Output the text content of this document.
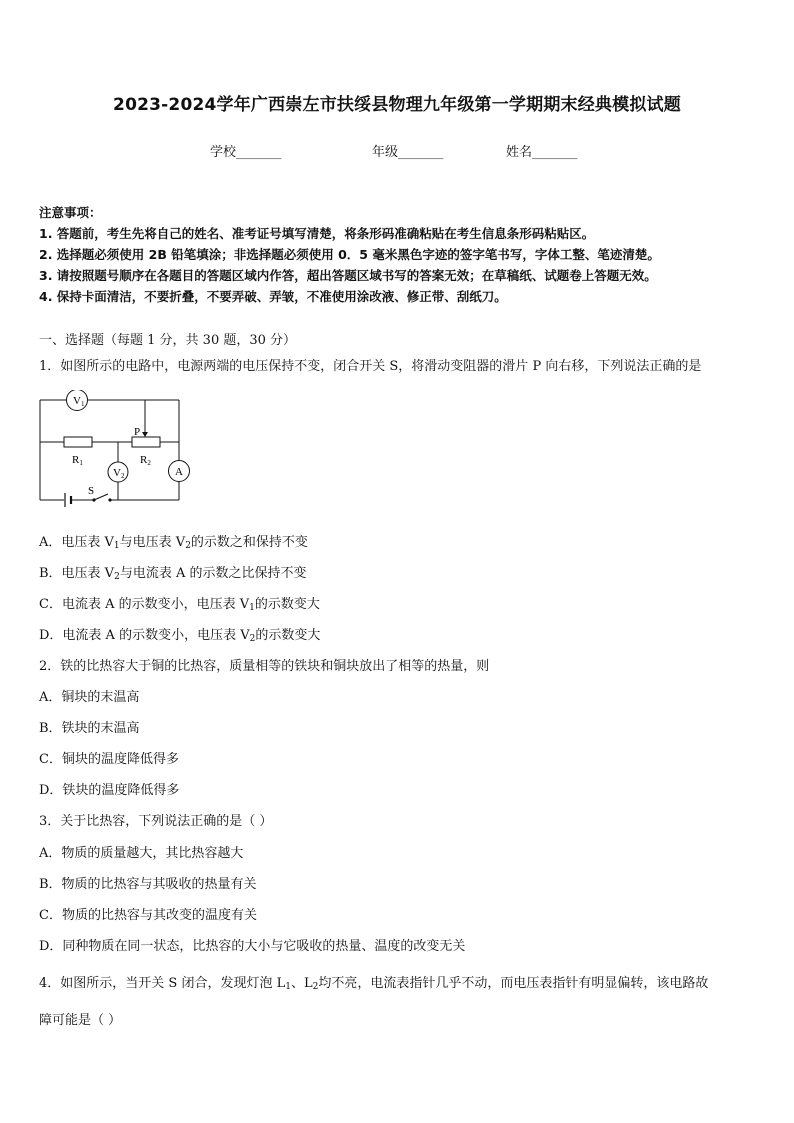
2023-2024学年广西崇左市扶绥县物理九年级第一学期期末经典模拟试题
学校_______	年级_______	姓名_______
注意事项：
1. 答题前，考生先将自己的姓名、准考证号填写清楚，将条形码准确粘贴在考生信息条形码粘贴区。
2. 选择题必须使用 2B 铅笔填涂；非选择题必须使用 0．5 毫米黑色字迹的签字笔书写，字体工整、笔迹清楚。
3. 请按照题号顺序在各题目的答题区域内作答，超出答题区域书写的答案无效；在草稿纸、试题卷上答题无效。
4. 保持卡面清洁，不要折叠，不要弄破、弄皱，不准使用涂改液、修正带、刮纸刀。
一、选择题（每题 1 分，共 30 题，30 分）
1．如图所示的电路中，电源两端的电压保持不变，闭合开关 S，将滑动变阻器的滑片 P 向右移，下列说法正确的是
V1
V2	A
P
R1	R2
S
A．电压表 $V_1$与电压表 $V_2$的示数之和保持不变
B．电压表 $V_2$与电流表 A 的示数之比保持不变
C．电流表 A 的示数变小，电压表 $V_1$的示数变大
D．电流表 A 的示数变小，电压表 $V_2$的示数变大
2．铁的比热容大于铜的比热容，质量相等的铁块和铜块放出了相等的热量，则
A．铜块的末温高
B．铁块的末温高
C．铜块的温度降低得多
D．铁块的温度降低得多
3．关于比热容，下列说法正确的是（ ）
A．物质的质量越大，其比热容越大
B．物质的比热容与其吸收的热量有关
C．物质的比热容与其改变的温度有关
D．同种物质在同一状态，比热容的大小与它吸收的热量、温度的改变无关
4．如图所示，当开关 S 闭合，发现灯泡 $L_1$、$L_2$均不亮，电流表指针几乎不动，而电压表指针有明显偏转，该电路故
障可能是（ ）
